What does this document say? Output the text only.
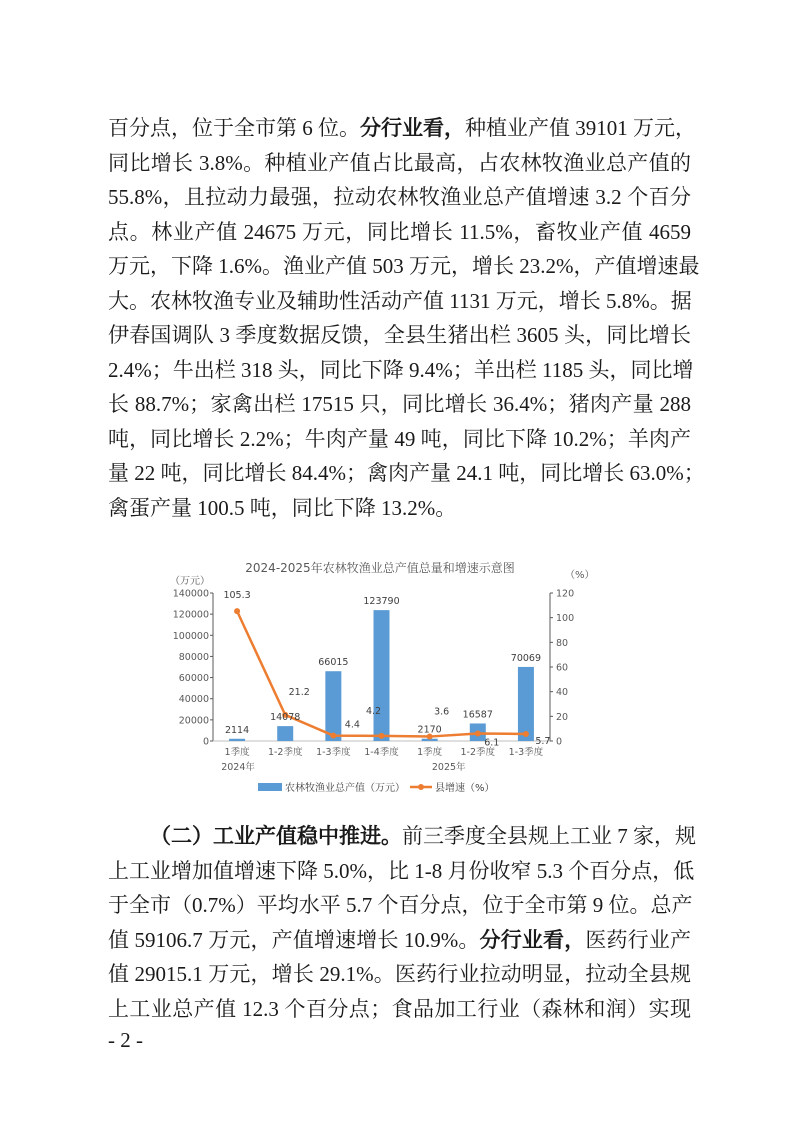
百分点，位于全市第 6 位。分行业看，种植业产值 39101 万元，
同比增长 3.8%。种植业产值占比最高，占农林牧渔业总产值的
55.8%，且拉动力最强，拉动农林牧渔业总产值增速 3.2 个百分
点。林业产值 24675 万元，同比增长 11.5%，畜牧业产值 4659
万元，下降 1.6%。渔业产值 503 万元，增长 23.2%，产值增速最
大。农林牧渔专业及辅助性活动产值 1131 万元，增长 5.8%。据
伊春国调队 3 季度数据反馈，全县生猪出栏 3605 头，同比增长
2.4%；牛出栏 318 头，同比下降 9.4%；羊出栏 1185 头，同比增
长 88.7%；家禽出栏 17515 只，同比增长 36.4%；猪肉产量 288
吨，同比增长 2.2%；牛肉产量 49 吨，同比下降 10.2%；羊肉产
量 22 吨，同比增长 84.4%；禽肉产量 24.1 吨，同比增长 63.0%；
禽蛋产量 100.5 吨，同比下降 13.2%。
2024-2025年农林牧渔业总产值总量和增速示意图
（万元）
（%）
0
20000
40000
60000
80000
100000
120000
140000
0
20
40
60
80
100
120
1季度 1-2季度 1-3季度 1-4季度 1季度 1-2季度 1-3季度
2024年	2025年
2114
14078
66015
123790
2170
16587
70069
105.3
21.2
4.4
4.2	3.6
6.1	5.7
农林牧渔业总产值（万元）	县增速（%）
（二）工业产值稳中推进。前三季度全县规上工业 7 家，规
上工业增加值增速下降 5.0%，比 1-8 月份收窄 5.3 个百分点，低
于全市（0.7%）平均水平 5.7 个百分点，位于全市第 9 位。总产
值 59106.7 万元，产值增速增长 10.9%。分行业看，医药行业产
值 29015.1 万元，增长 29.1%。医药行业拉动明显，拉动全县规
上工业总产值 12.3 个百分点；食品加工行业（森林和润）实现
- 2 -
